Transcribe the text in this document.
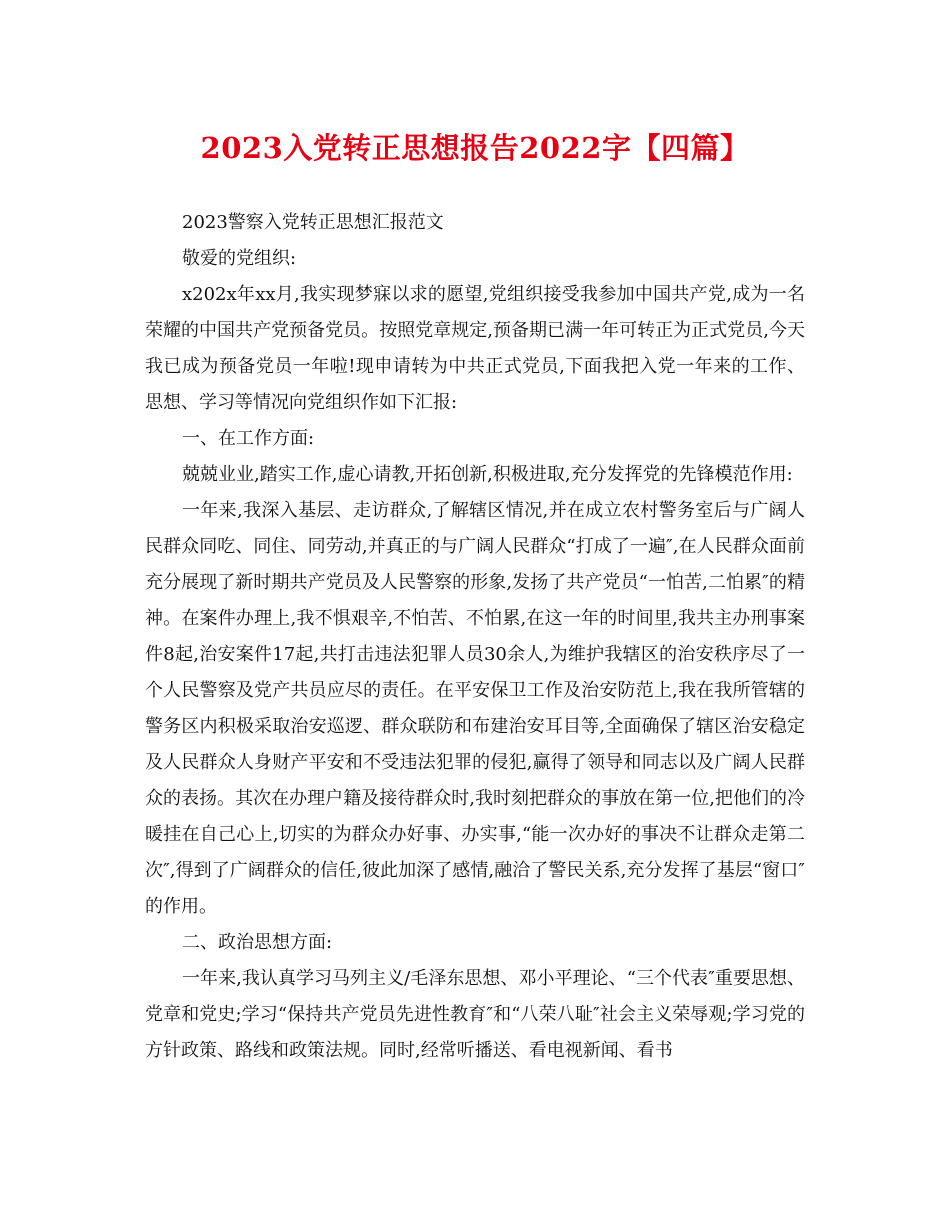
2023入党转正思想报告2022字【四篇】

2023警察入党转正思想汇报范文

敬爱的党组织:

x202x年xx月,我实现梦寐以求的愿望,党组织接受我参加中国共产党,成为一名荣耀的中国共产党预备党员。按照党章规定,预备期已满一年可转正为正式党员,今天我已成为预备党员一年啦!现申请转为中共正式党员,下面我把入党一年来的工作、思想、学习等情况向党组织作如下汇报:

一、在工作方面:

兢兢业业,踏实工作,虚心请教,开拓创新,积极进取,充分发挥党的先锋模范作用:

一年来,我深入基层、走访群众,了解辖区情况,并在成立农村警务室后与广阔人民群众同吃、同住、同劳动,并真正的与广阔人民群众“打成了一遍″,在人民群众面前充分展现了新时期共产党员及人民警察的形象,发扬了共产党员“一怕苦,二怕累″的精神。在案件办理上,我不惧艰辛,不怕苦、不怕累,在这一年的时间里,我共主办刑事案件8起,治安案件17起,共打击违法犯罪人员30余人,为维护我辖区的治安秩序尽了一个人民警察及党产共员应尽的责任。在平安保卫工作及治安防范上,我在我所管辖的警务区内积极采取治安巡逻、群众联防和布建治安耳目等,全面确保了辖区治安稳定及人民群众人身财产平安和不受违法犯罪的侵犯,赢得了领导和同志以及广阔人民群众的表扬。其次在办理户籍及接待群众时,我时刻把群众的事放在第一位,把他们的冷暖挂在自己心上,切实的为群众办好事、办实事,“能一次办好的事决不让群众走第二次″,得到了广阔群众的信任,彼此加深了感情,融洽了警民关系,充分发挥了基层“窗口″的作用。

二、政治思想方面:

一年来,我认真学习马列主义/毛泽东思想、邓小平理论、“三个代表″重要思想、党章和党史;学习“保持共产党员先进性教育″和“八荣八耻″社会主义荣辱观;学习党的方针政策、路线和政策法规。同时,经常听播送、看电视新闻、看书
